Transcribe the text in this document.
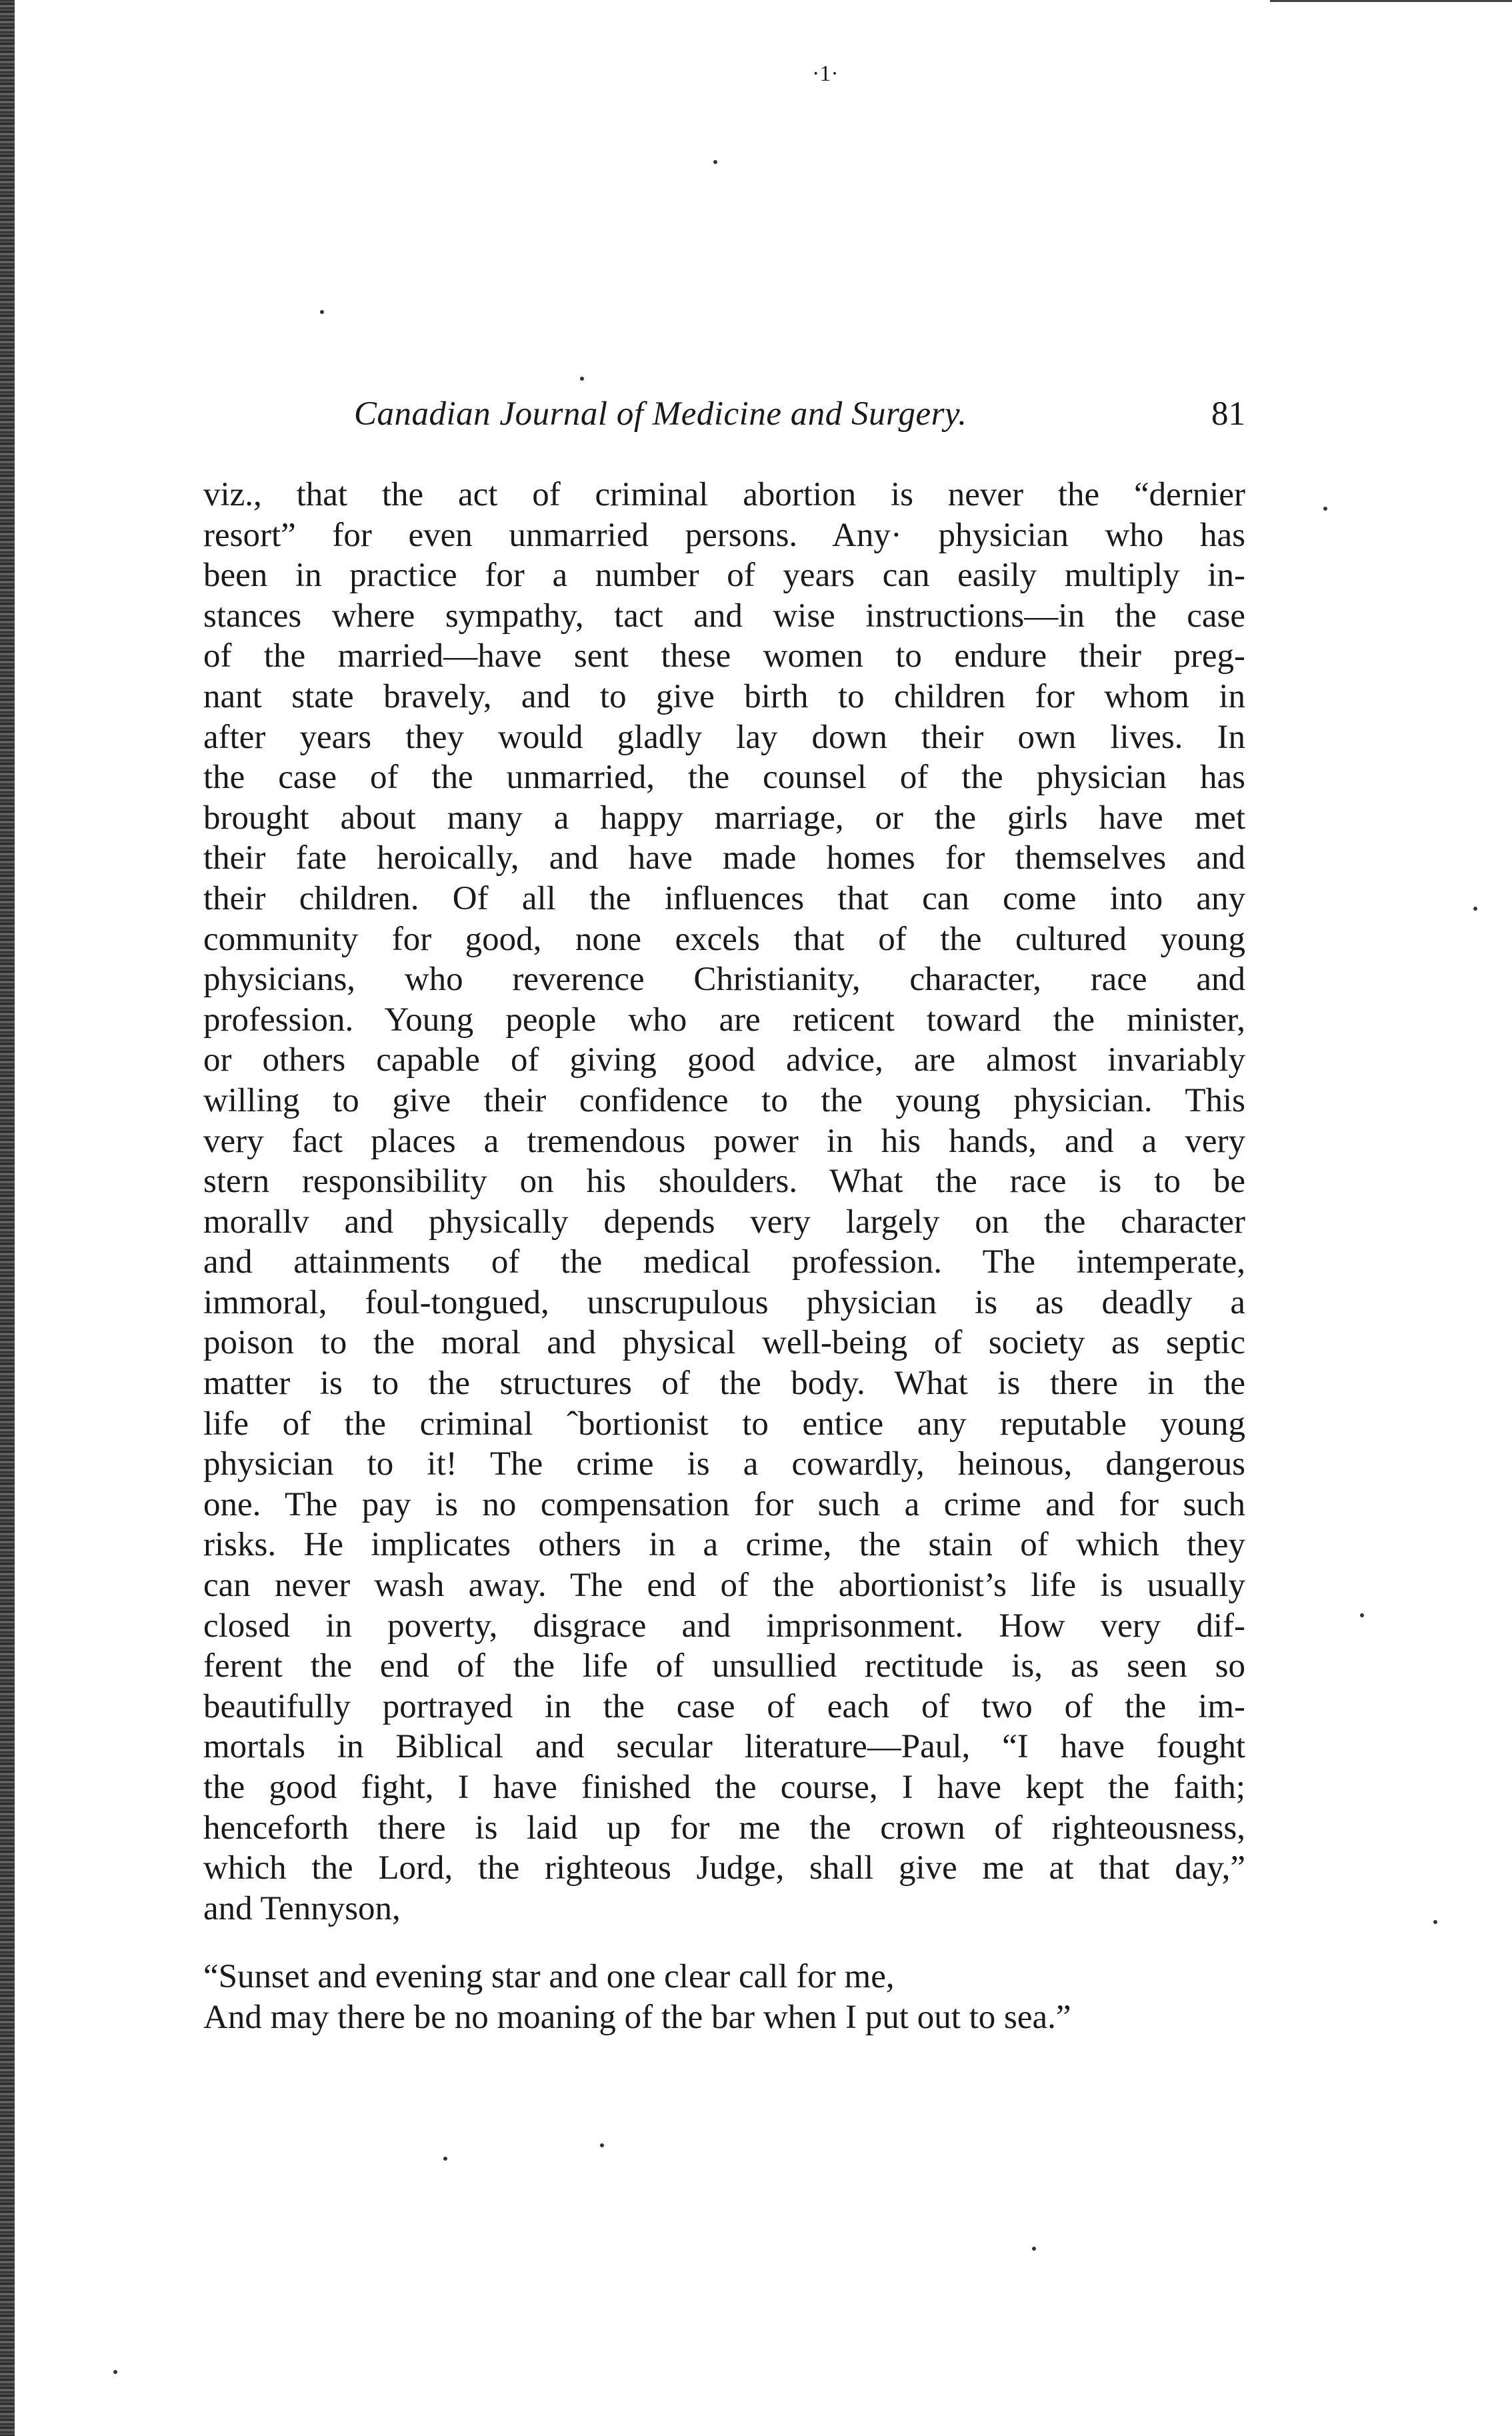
·1·
Canadian Journal of Medicine and Surgery.	81
viz., that the act of criminal abortion is never the “dernier
resort” for even unmarried persons. Any· physician who has
been in practice for a number of years can easily multiply in-
stances where sympathy, tact and wise instructions—in the case
of the married—have sent these women to endure their preg-
nant state bravely, and to give birth to children for whom in
after years they would gladly lay down their own lives. In
the case of the unmarried, the counsel of the physician has
brought about many a happy marriage, or the girls have met
their fate heroically, and have made homes for themselves and
their children. Of all the influences that can come into any
community for good, none excels that of the cultured young
physicians, who reverence Christianity, character, race and
profession. Young people who are reticent toward the minister,
or others capable of giving good advice, are almost invariably
willing to give their confidence to the young physician. This
very fact places a tremendous power in his hands, and a very
stern responsibility on his shoulders. What the race is to be
morallv and physically depends very largely on the character
and attainments of the medical profession. The intemperate,
immoral, foul-tongued, unscrupulous physician is as deadly a
poison to the moral and physical well-being of society as septic
matter is to the structures of the body. What is there in the
life of the criminal ˆbortionist to entice any reputable young
physician to it! The crime is a cowardly, heinous, dangerous
one. The pay is no compensation for such a crime and for such
risks. He implicates others in a crime, the stain of which they
can never wash away. The end of the abortionist’s life is usually
closed in poverty, disgrace and imprisonment. How very dif-
ferent the end of the life of unsullied rectitude is, as seen so
beautifully portrayed in the case of each of two of the im-
mortals in Biblical and secular literature—Paul, “I have fought
the good fight, I have finished the course, I have kept the faith;
henceforth there is laid up for me the crown of righteousness,
which the Lord, the righteous Judge, shall give me at that day,”
and Tennyson,
“Sunset and evening star and one clear call for me,
And may there be no moaning of the bar when I put out to sea.”
